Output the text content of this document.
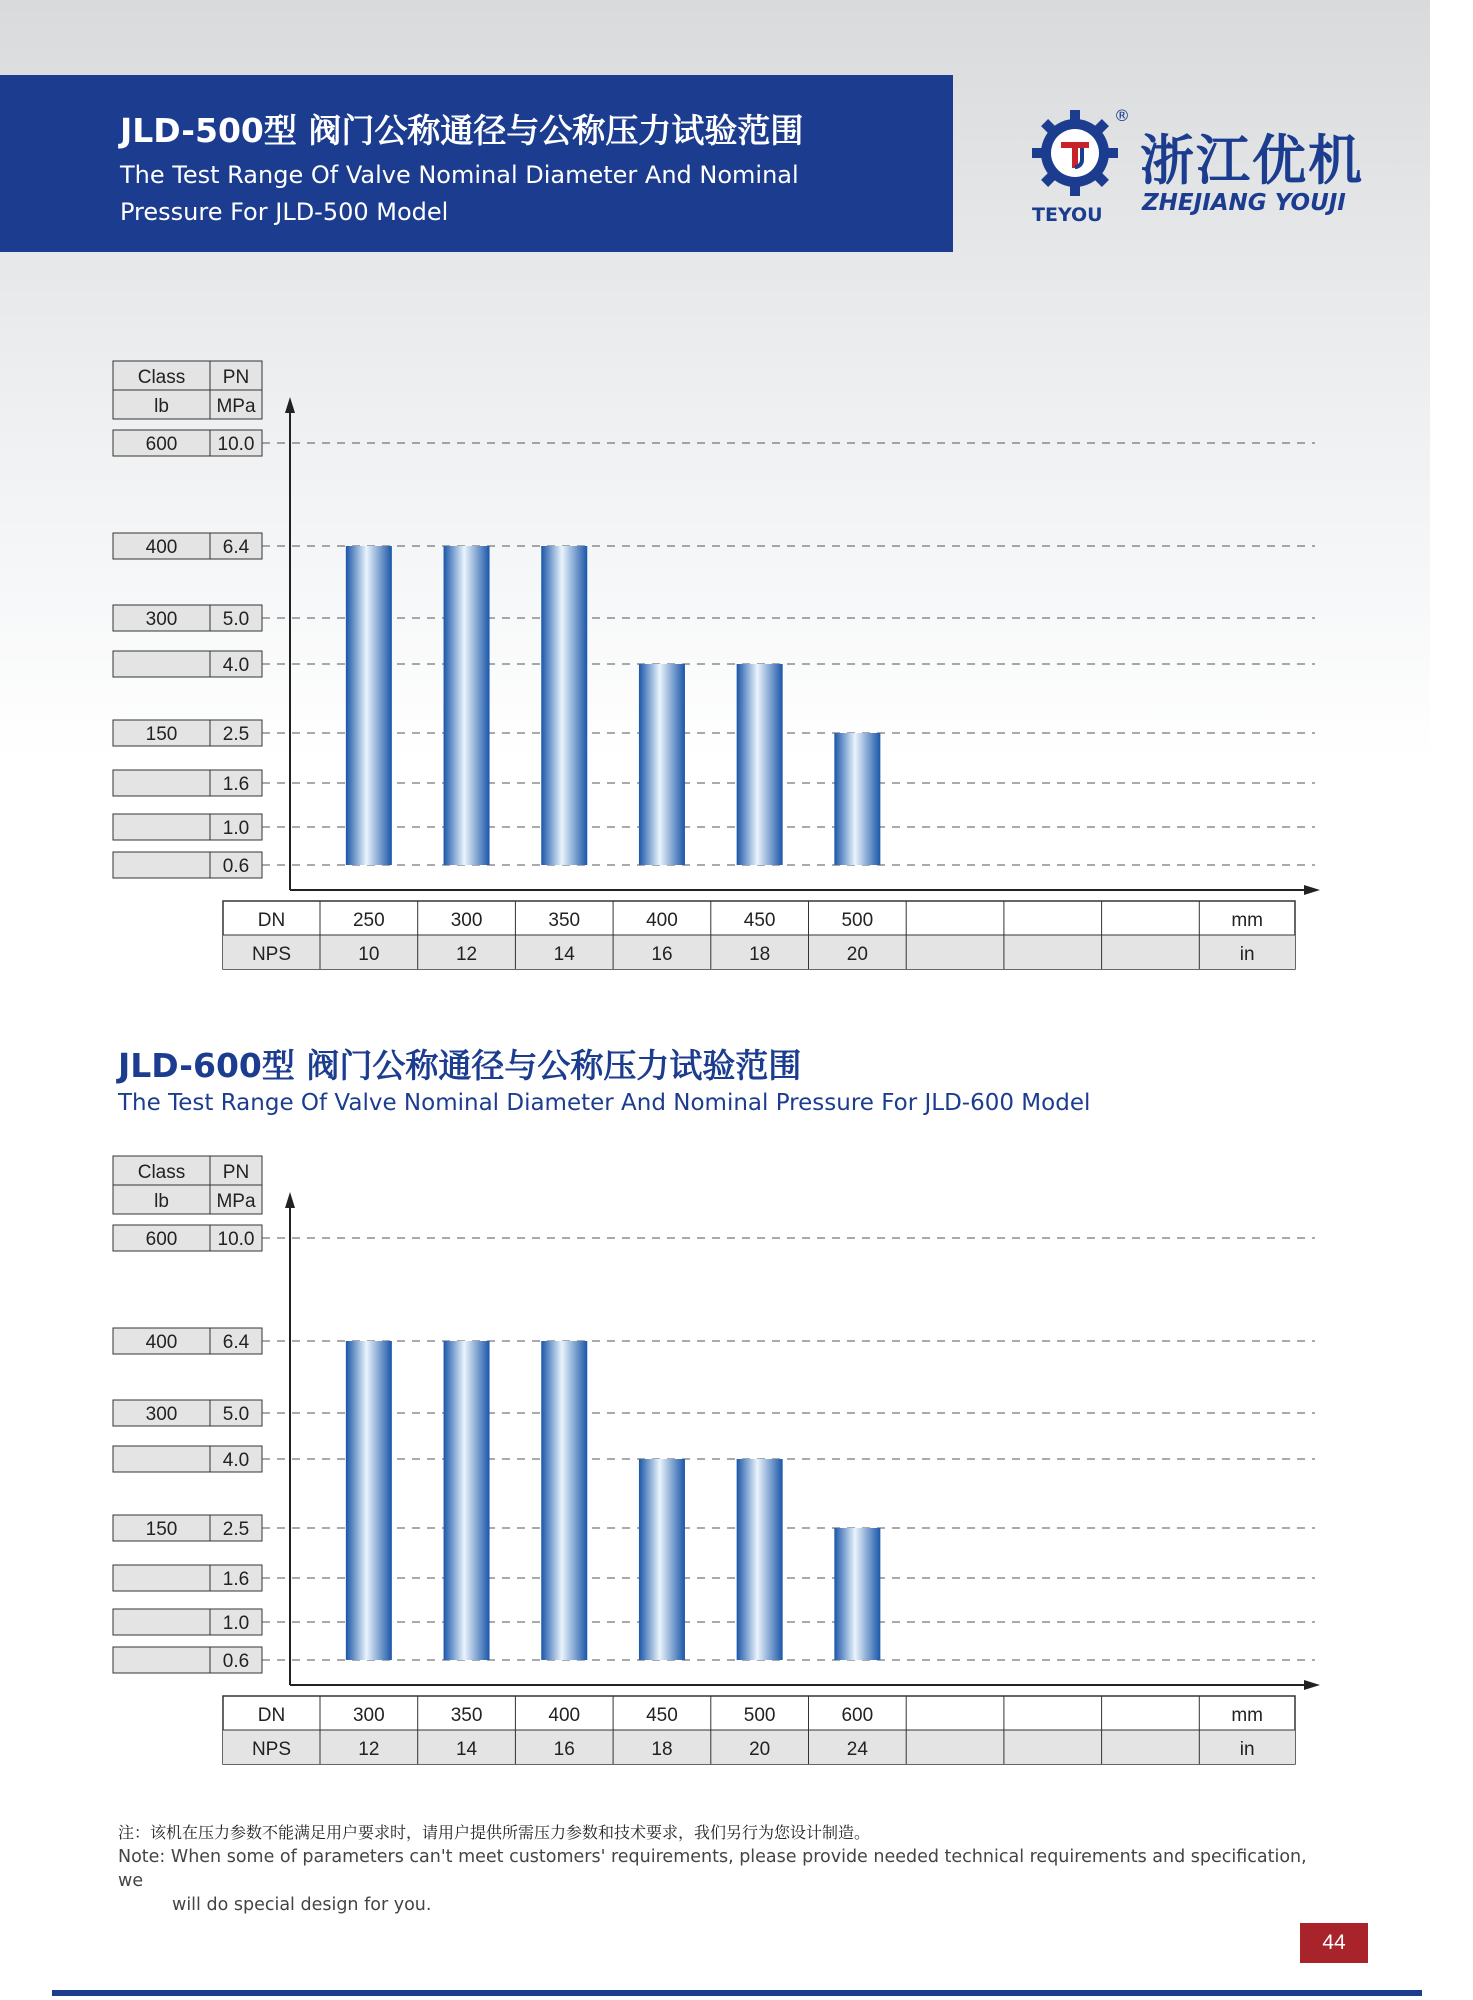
JLD-500型 阀门公称通径与公称压力试验范围
The Test Range Of Valve Nominal Diameter And Nominal
Pressure For JLD-500 Model
®
TEYOU
浙江优机
ZHEJIANG YOUJI
Class
lb
PN
MPa
600 10.0
400 6.4
300 5.0
4.0
150 2.5
1.6
1.0
0.6
DN
NPS
250
10
300
12
350
14
400
16
450
18
500
20
mm
in
JLD-600型 阀门公称通径与公称压力试验范围
The Test Range Of Valve Nominal Diameter And Nominal Pressure For JLD-600 Model
Class
lb
PN
MPa
600 10.0
400 6.4
300 5.0
4.0
150 2.5
1.6
1.0
0.6
DN
NPS
300
12
350
14
400
16
450
18
500
20
600
24
mm
in
注：该机在压力参数不能满足用户要求时，请用户提供所需压力参数和技术要求，我们另行为您设计制造。
Note: When some of parameters can't meet customers' requirements, please provide needed technical requirements and specification, we
will do special design for you.
44
